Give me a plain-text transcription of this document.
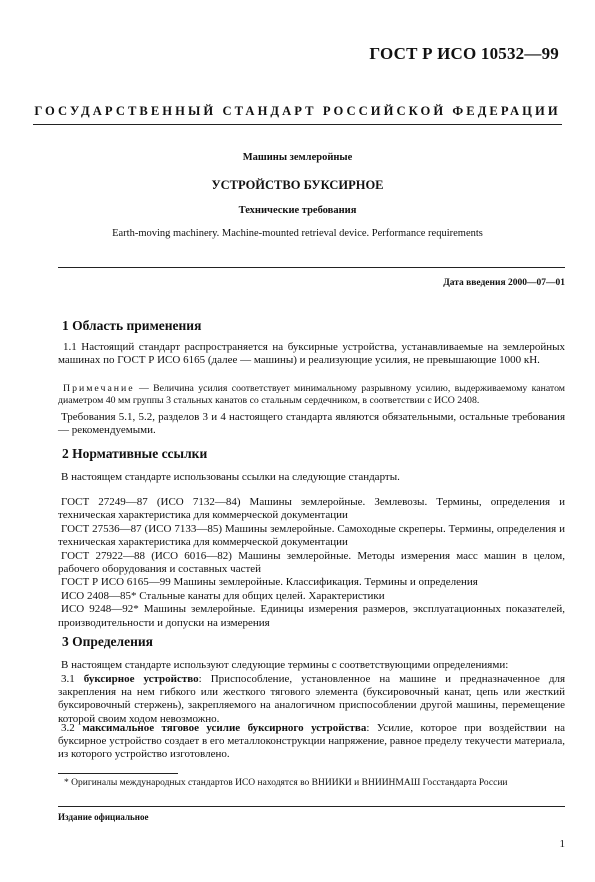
ГОСТ Р ИСО 10532—99
ГОСУДАРСТВЕННЫЙ СТАНДАРТ РОССИЙСКОЙ ФЕДЕРАЦИИ
Машины землеройные
УСТРОЙСТВО БУКСИРНОЕ
Технические требования
Earth-moving machinery. Machine-mounted retrieval device. Performance requirements
Дата введения 2000—07—01
1 Область применения

1.1 Настоящий стандарт распространяется на буксирные устройства, устанавливаемые на землеройных машинах по ГОСТ Р ИСО 6165 (далее — машины) и реализующие усилия, не превышающие 1000 кН.

Примечание — Величина усилия соответствует минимальному разрывному усилию, выдерживаемому канатом диаметром 40 мм группы 3 стальных канатов со стальным сердечником, в соответствии с ИСО 2408.

Требования 5.1, 5.2, разделов 3 и 4 настоящего стандарта являются обязательными, остальные требования — рекомендуемыми.

2 Нормативные ссылки

В настоящем стандарте использованы ссылки на следующие стандарты.

ГОСТ 27249—87 (ИСО 7132—84) Машины землеройные. Землевозы. Термины, определения и техническая характеристика для коммерческой документации
ГОСТ 27536—87 (ИСО 7133—85) Машины землеройные. Самоходные скреперы. Термины, определения и техническая характеристика для коммерческой документации
ГОСТ 27922—88 (ИСО 6016—82) Машины землеройные. Методы измерения масс машин в целом, рабочего оборудования и составных частей
ГОСТ Р ИСО 6165—99 Машины землеройные. Классификация. Термины и определения
ИСО 2408—85* Стальные канаты для общих целей. Характеристики
ИСО 9248—92* Машины землеройные. Единицы измерения размеров, эксплуатационных показателей, производительности и допуски на измерения
3 Определения

В настоящем стандарте используют следующие термины с соответствующими определениями:

3.1 буксирное устройство: Приспособление, установленное на машине и предназначенное для закрепления на нем гибкого или жесткого тягового элемента (буксировочный канат, цепь или жесткий буксировочный стержень), закрепляемого на аналогичном приспособлении другой машины, перемещение которой своим ходом невозможно.

3.2 максимальное тяговое усилие буксирного устройства: Усилие, которое при воздействии на буксирное устройство создает в его металлоконструкции напряжение, равное пределу текучести материала, из которого устройство изготовлено.

* Оригиналы международных стандартов ИСО находятся во ВНИИКИ и ВНИИНМАШ Госстандарта России
Издание официальное
1
